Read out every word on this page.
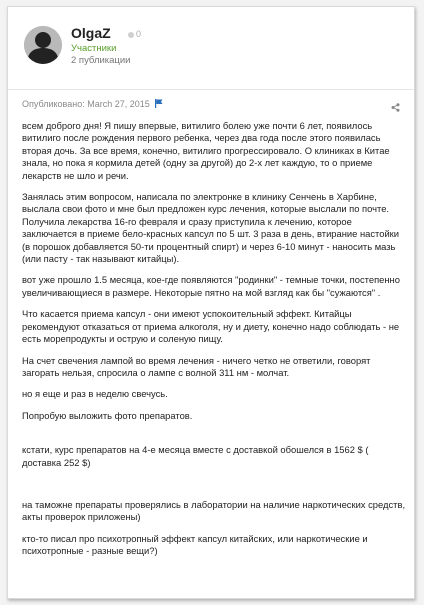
OlgaZ	0
Участники
2 публикации
Опубликовано: March 27, 2015

всем доброго дня! Я пишу впервые, витилиго болею уже почти 6 лет, появилось витилиго после рождения первого ребенка, через два года после этого появилась вторая дочь. За все время, конечно, витилиго прогрессировало. О клиниках в Китае знала, но пока я кормила детей (одну за другой) до 2-х лет каждую, то о приеме лекарств не шло и речи.

Занялась этим вопросом, написала по электронке в клинику Сенчень в Харбине, выслала свои фото и мне был предложен курс лечения, которые выслали по почте. Получила лекарства 16-го февраля и сразу приступила к лечению, которое заключается в приеме бело-красных капсул по 5 шт. 3 раза в день, втирание настойки (в порошок добавляется 50-ти процентный спирт) и через 6-10 минут - наносить мазь (или пасту - так называют китайцы).

вот уже прошло 1.5 месяца, кое-где появляются "родинки" - темные точки, постепенно увеличивающиеся в размере. Некоторые пятно на мой взгляд как бы "сужаются" .

Что касается приема капсул - они имеют успокоительный эффект. Китайцы рекомендуют отказаться от приема алкоголя, ну и диету, конечно надо соблюдать - не есть морепродукты и острую и соленую пищу.

На счет свечения лампой во время лечения - ничего четко не ответили, говорят загорать нельзя, спросила о лампе с волной 311 нм - молчат.

но я еще и раз в неделю свечусь.

Попробую выложить фото препаратов.

кстати, курс препаратов на 4-е месяца вместе с доставкой обошелся в 1562 $ ( доставка 252 $)

на таможне препараты проверялись в лаборатории на наличие наркотических средств, акты проверок приложены)

кто-то писал про психотропный эффект капсул китайских, или наркотические и психотропные - разные вещи?)
